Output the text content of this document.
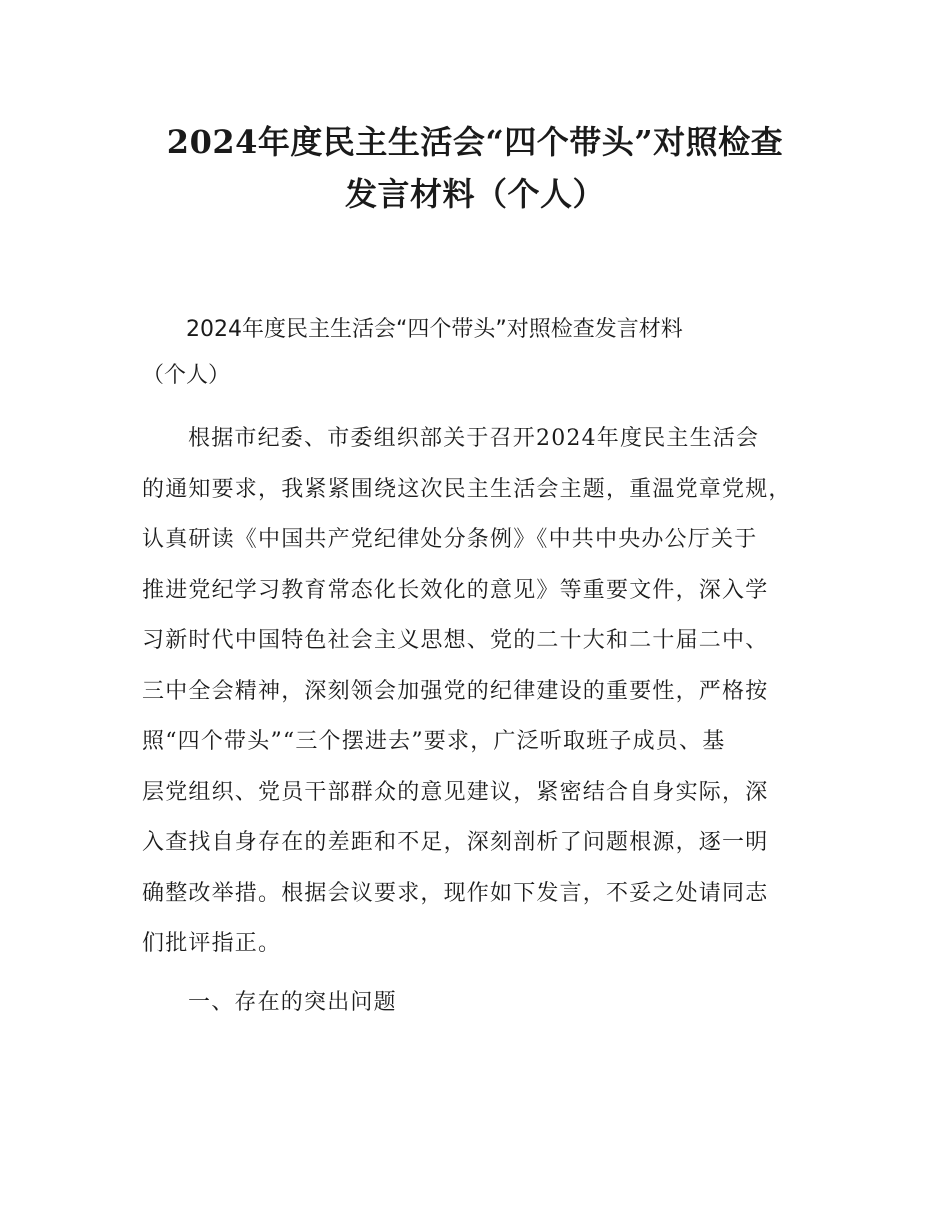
2024年度民主生活会“四个带头”对照检查
发言材料（个人）

2024年度民主生活会“四个带头”对照检查发言材料
（个人）

根据市纪委、市委组织部关于召开2024年度民主生活会
的通知要求，我紧紧围绕这次民主生活会主题，重温党章党规，
认真研读《中国共产党纪律处分条例》《中共中央办公厅关于
推进党纪学习教育常态化长效化的意见》等重要文件，深入学
习新时代中国特色社会主义思想、党的二十大和二十届二中、
三中全会精神，深刻领会加强党的纪律建设的重要性，严格按
照“四个带头”“三个摆进去”要求，广泛听取班子成员、基
层党组织、党员干部群众的意见建议，紧密结合自身实际，深
入查找自身存在的差距和不足，深刻剖析了问题根源，逐一明
确整改举措。根据会议要求，现作如下发言，不妥之处请同志
们批评指正。

一、存在的突出问题
